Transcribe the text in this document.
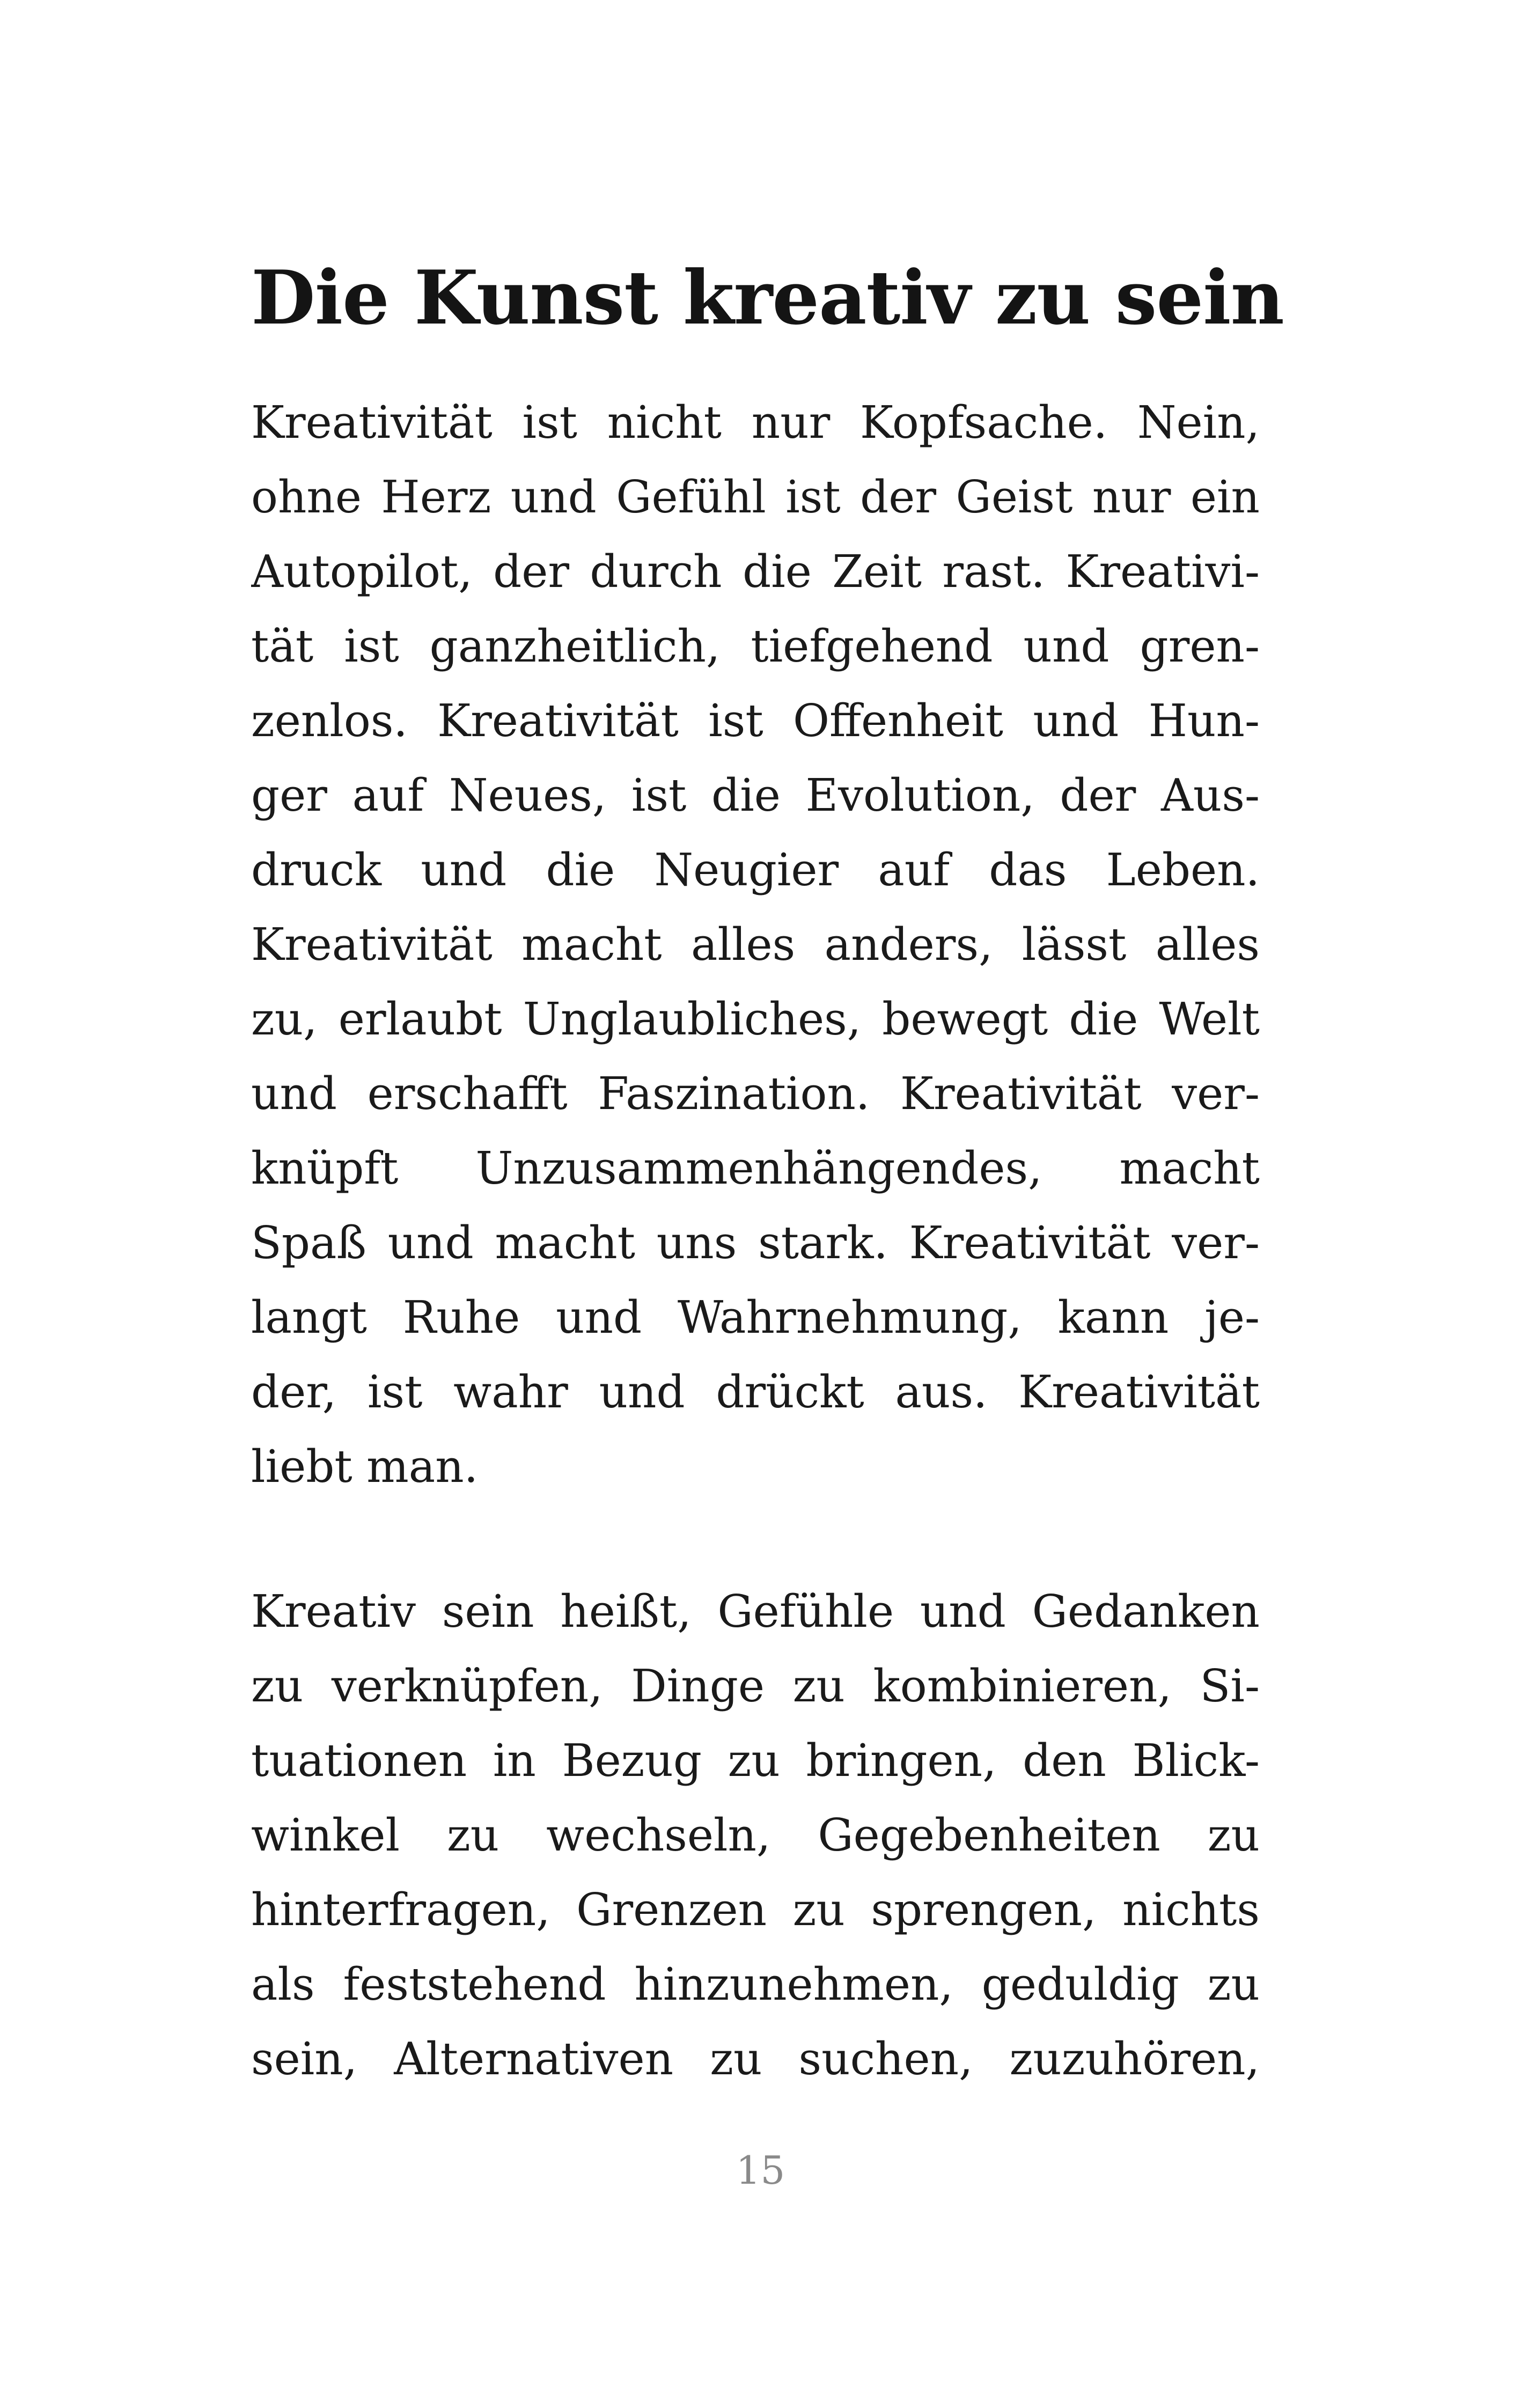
Die Kunst kreativ zu sein
Kreativität ist nicht nur Kopfsache. Nein,
ohne Herz und Gefühl ist der Geist nur ein
Autopilot, der durch die Zeit rast. Kreativi-
tät ist ganzheitlich, tiefgehend und gren-
zenlos. Kreativität ist Offenheit und Hun-
ger auf Neues, ist die Evolution, der Aus-
druck und die Neugier auf das Leben.
Kreativität macht alles anders, lässt alles
zu, erlaubt Unglaubliches, bewegt die Welt
und erschafft Faszination. Kreativität ver-
knüpft Unzusammenhängendes, macht
Spaß und macht uns stark. Kreativität ver-
langt Ruhe und Wahrnehmung, kann je-
der, ist wahr und drückt aus. Kreativität
liebt man.
Kreativ sein heißt, Gefühle und Gedanken
zu verknüpfen, Dinge zu kombinieren, Si-
tuationen in Bezug zu bringen, den Blick-
winkel zu wechseln, Gegebenheiten zu
hinterfragen, Grenzen zu sprengen, nichts
als feststehend hinzunehmen, geduldig zu
sein, Alternativen zu suchen, zuzuhören,
15
